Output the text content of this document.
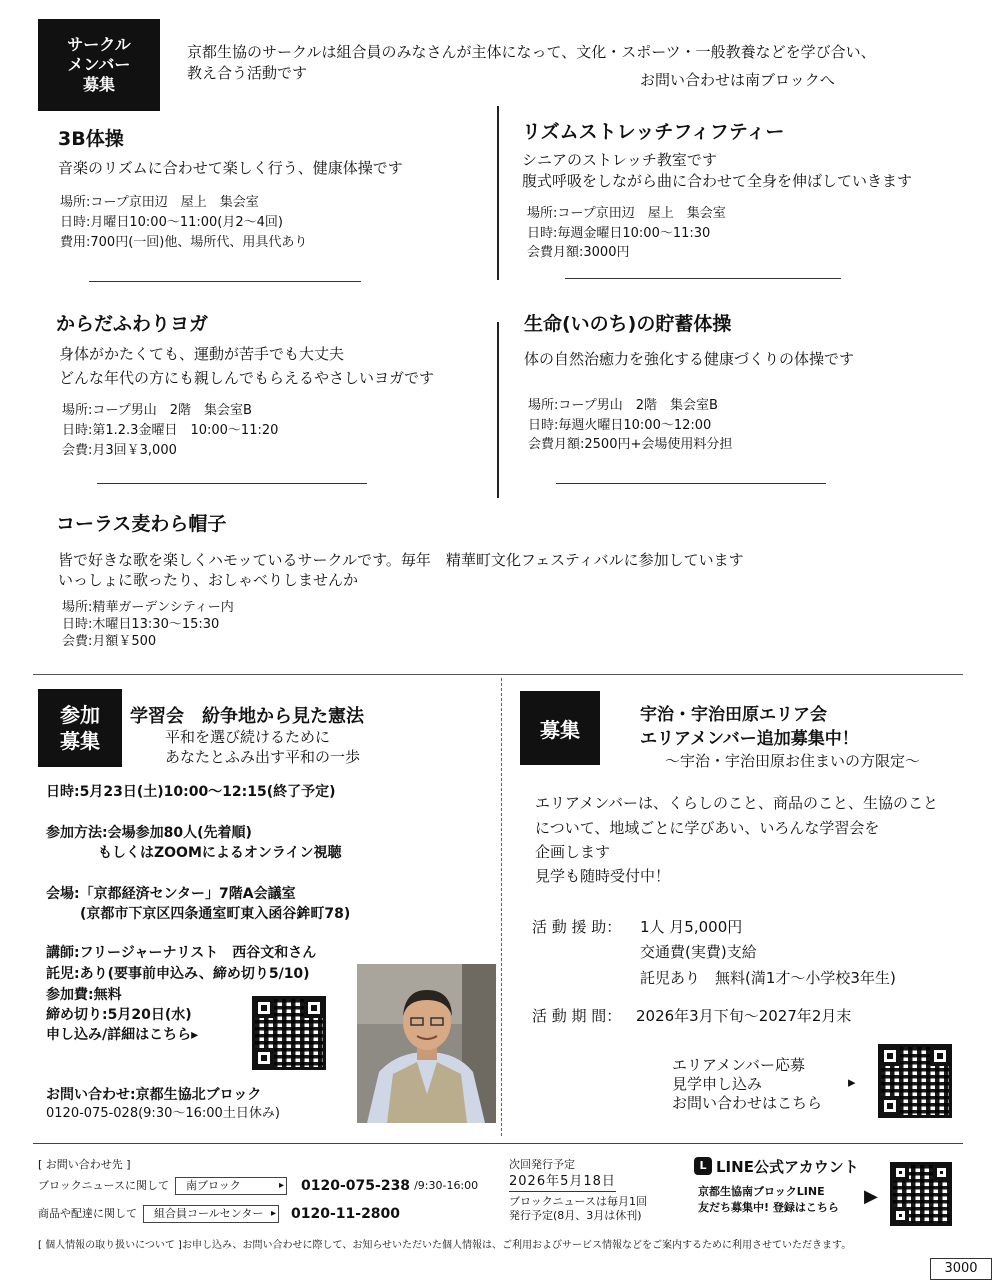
サークル
メンバー
募集
京都生協のサークルは組合員のみなさんが主体になって、文化・スポーツ・一般教養などを学び合い、
教え合う活動です	お問い合わせは南ブロックへ
3B体操
音楽のリズムに合わせて楽しく行う、健康体操です
場所:コープ京田辺　屋上　集会室
日時:月曜日10:00～11:00(月2～4回)
費用:700円(一回)他、場所代、用具代あり
リズムストレッチフィフティー
シニアのストレッチ教室です
腹式呼吸をしながら曲に合わせて全身を伸ばしていきます
場所:コープ京田辺　屋上　集会室
日時:毎週金曜日10:00～11:30
会費月額:3000円
からだふわりヨガ
身体がかたくても、運動が苦手でも大丈夫
どんな年代の方にも親しんでもらえるやさしいヨガです
場所:コープ男山　2階　集会室B
日時:第1.2.3金曜日　10:00～11:20
会費:月3回￥3,000
生命(いのち)の貯蓄体操
体の自然治癒力を強化する健康づくりの体操です
場所:コープ男山　2階　集会室B
日時:毎週火曜日10:00～12:00
会費月額:2500円+会場使用料分担
コーラス麦わら帽子
皆で好きな歌を楽しくハモッているサークルです。毎年　精華町文化フェスティバルに参加しています
いっしょに歌ったり、おしゃべりしませんか
場所:精華ガーデンシティー内
日時:木曜日13:30～15:30
会費:月額￥500
参加
募集
学習会　紛争地から見た憲法
平和を選び続けるために
あなたとふみ出す平和の一歩
日時:5月23日(土)10:00～12:15(終了予定)
参加方法:会場参加80人(先着順)
もしくはZOOMによるオンライン視聴
会場:「京都経済センター」7階A会議室
(京都市下京区四条通室町東入函谷鉾町78)
講師:フリージャーナリスト　西谷文和さん
託児:あり(要事前申込み、締め切り5/10)
参加費:無料
締め切り:5月20日(水)
申し込み/詳細はこちら▸
お問い合わせ:京都生協北ブロック
0120-075-028(9:30～16:00土日休み)
募集
宇治・宇治田原エリア会
エリアメンバー追加募集中！
～宇治・宇治田原お住まいの方限定～
エリアメンバーは、くらしのこと、商品のこと、生協のこと
について、地域ごとに学びあい、いろんな学習会を
企画します
見学も随時受付中！
活 動 援 助： 1人 月5,000円
交通費(実費)支給
託児あり　無料(満1才～小学校3年生)
活 動 期 間： 2026年3月下旬～2027年2月末
エリアメンバー応募
見学申し込み
お問い合わせはこちら
▸
[ お問い合わせ先 ]
ブロックニュースに関して	南ブロック ▸	0120-075-238 /9:30-16:00
商品や配達に関して	組合員コールセンター ▸	0120-11-2800
次回発行予定
2026年5月18日
ブロックニュースは毎月1回
発行予定(8月、3月は休刊)
L LINE公式アカウント
京都生協南ブロックLINE
友だち募集中! 登録はこちら
▶
[ 個人情報の取り扱いについて ]お申し込み、お問い合わせに際して、お知らせいただいた個人情報は、ご利用およびサービス情報などをご案内するために利用させていただきます。
3000
